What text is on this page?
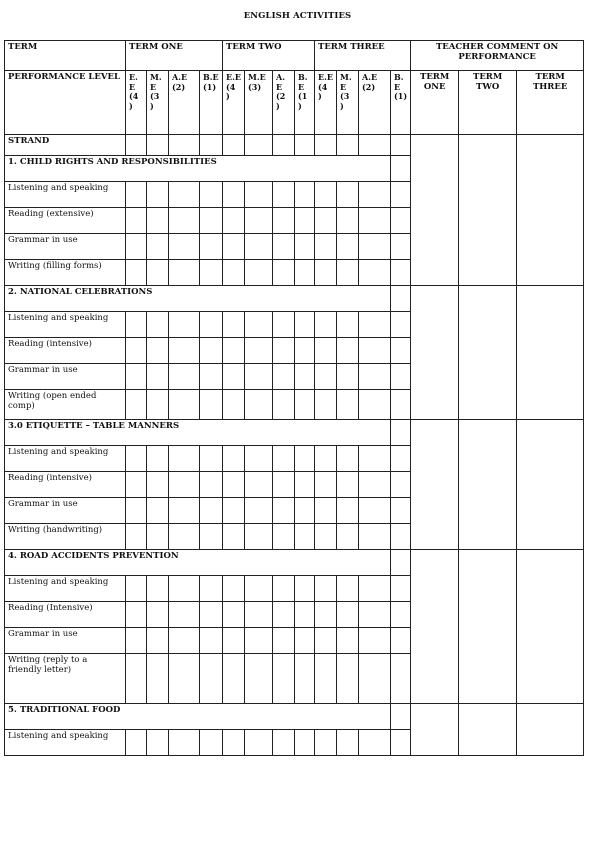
ENGLISH ACTIVITIES
TERM	TERM ONE				TERM TWO				TERM THREE				TEACHER COMMENT ON PERFORMANCE		
PERFORMANCE LEVEL	E.E (4 )	M. E (3 )	A.E (2)	B.E (1)	E.E (4 )	M.E (3)	A.E (2 )	B.E (1 )	E.E (4 )	M. E (3 )	A.E (2)	B. E (1)	TERM ONE	TERM TWO	TERM THREE
STRAND															
1. CHILD RIGHTS AND RESPONSIBILITIES															
Listening and speaking															
Reading (extensive)															
Grammar in use															
Writing (filling forms)															
2. NATIONAL CELEBRATIONS															
Listening and speaking															
Reading (intensive)															
Grammar in use															
Writing (open ended comp)															
3.0 ETIQUETTE – TABLE MANNERS															
Listening and speaking															
Reading (intensive)															
Grammar in use															
Writing (handwriting)															
4. ROAD ACCIDENTS PREVENTION															
Listening and speaking															
Reading (Intensive)															
Grammar in use															
Writing (reply to a friendly letter)															
5. TRADITIONAL FOOD															
Listening and speaking															
